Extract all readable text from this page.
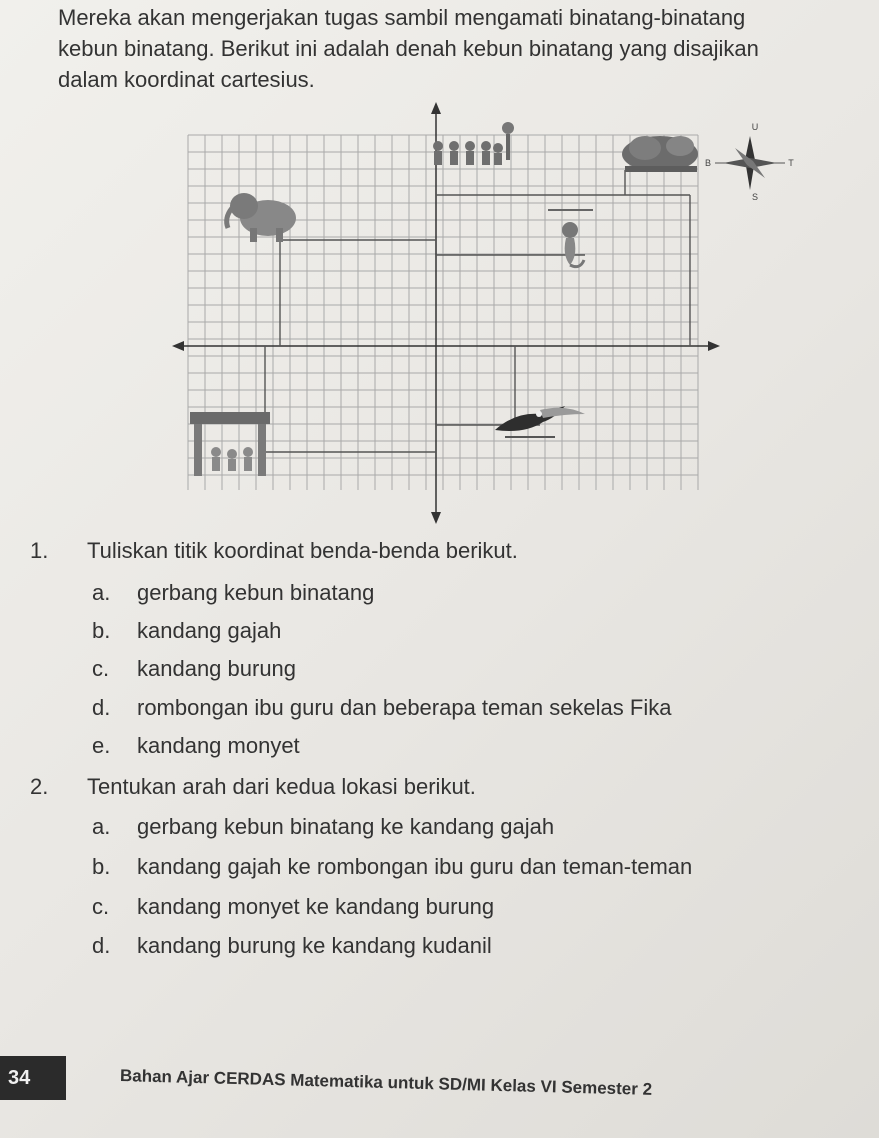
Mereka akan mengerjakan tugas sambil mengamati binatang-binatang
kebun binatang. Berikut ini adalah denah kebun binatang yang disajikan
dalam koordinat cartesius.
U
S
B	T
1. Tuliskan titik koordinat benda-benda berikut.
a. gerbang kebun binatang
b. kandang gajah
c. kandang burung
d. rombongan ibu guru dan beberapa teman sekelas Fika
e. kandang monyet
2. Tentukan arah dari kedua lokasi berikut.
a. gerbang kebun binatang ke kandang gajah
b. kandang gajah ke rombongan ibu guru dan teman-teman
c. kandang monyet ke kandang burung
d. kandang burung ke kandang kudanil
34	Bahan Ajar CERDAS Matematika untuk SD/MI Kelas VI Semester 2
